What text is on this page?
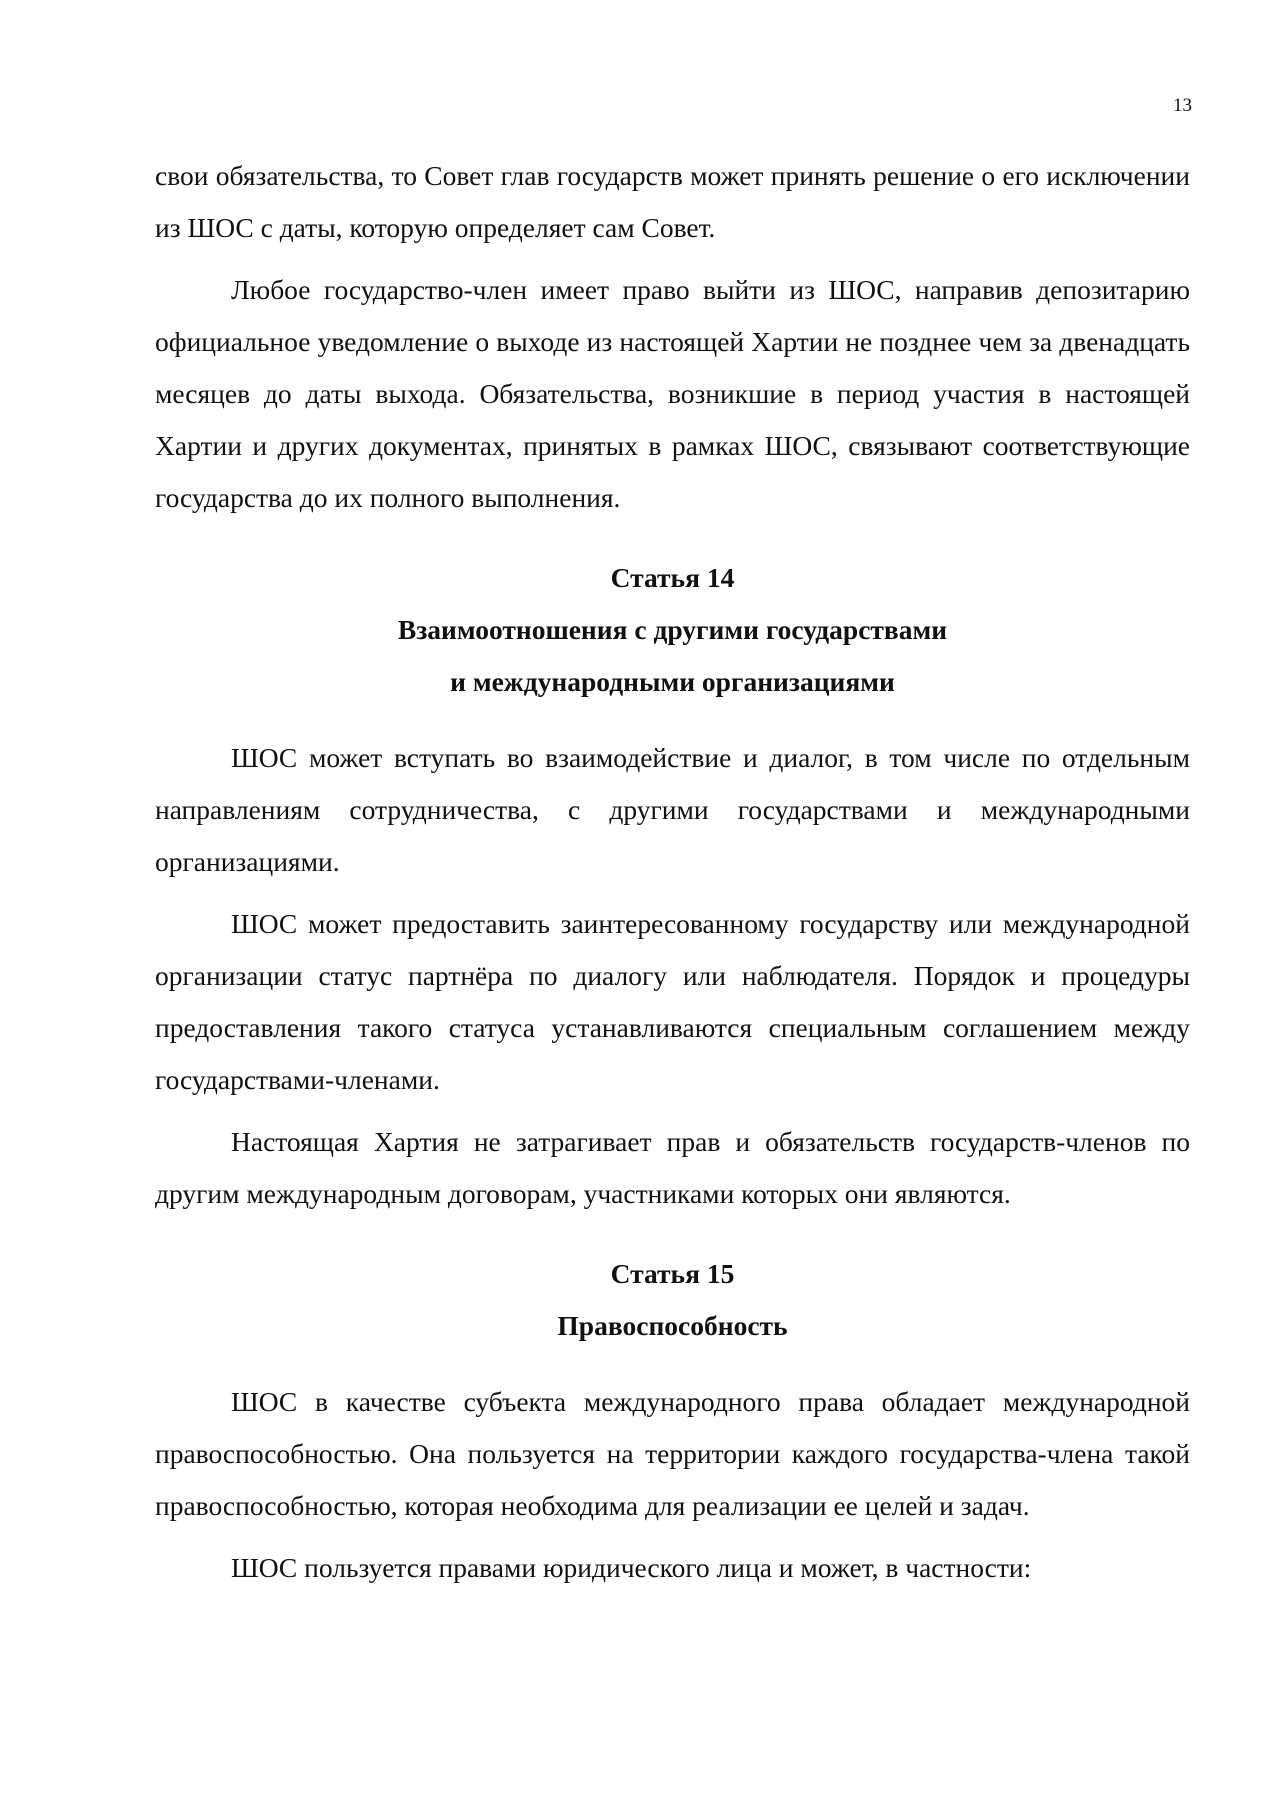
13

свои обязательства, то Совет глав государств может принять решение о его исключении из ШОС с даты, которую определяет сам Совет.

Любое государство-член имеет право выйти из ШОС, направив депозитарию официальное уведомление о выходе из настоящей Хартии не позднее чем за двенадцать месяцев до даты выхода. Обязательства, возникшие в период участия в настоящей Хартии и других документах, принятых в рамках ШОС, связывают соответствующие государства до их полного выполнения.

Статья 14

Взаимоотношения с другими государствами

и международными организациями

ШОС может вступать во взаимодействие и диалог, в том числе по отдельным направлениям сотрудничества, с другими государствами и международными организациями.

ШОС может предоставить заинтересованному государству или международной организации статус партнёра по диалогу или наблюдателя. Порядок и процедуры предоставления такого статуса устанавливаются специальным соглашением между государствами-членами.

Настоящая Хартия не затрагивает прав и обязательств государств-членов по другим международным договорам, участниками которых они являются.

Статья 15

Правоспособность

ШОС в качестве субъекта международного права обладает международной правоспособностью. Она пользуется на территории каждого государства-члена такой правоспособностью, которая необходима для реализации ее целей и задач.

ШОС пользуется правами юридического лица и может, в частности:
